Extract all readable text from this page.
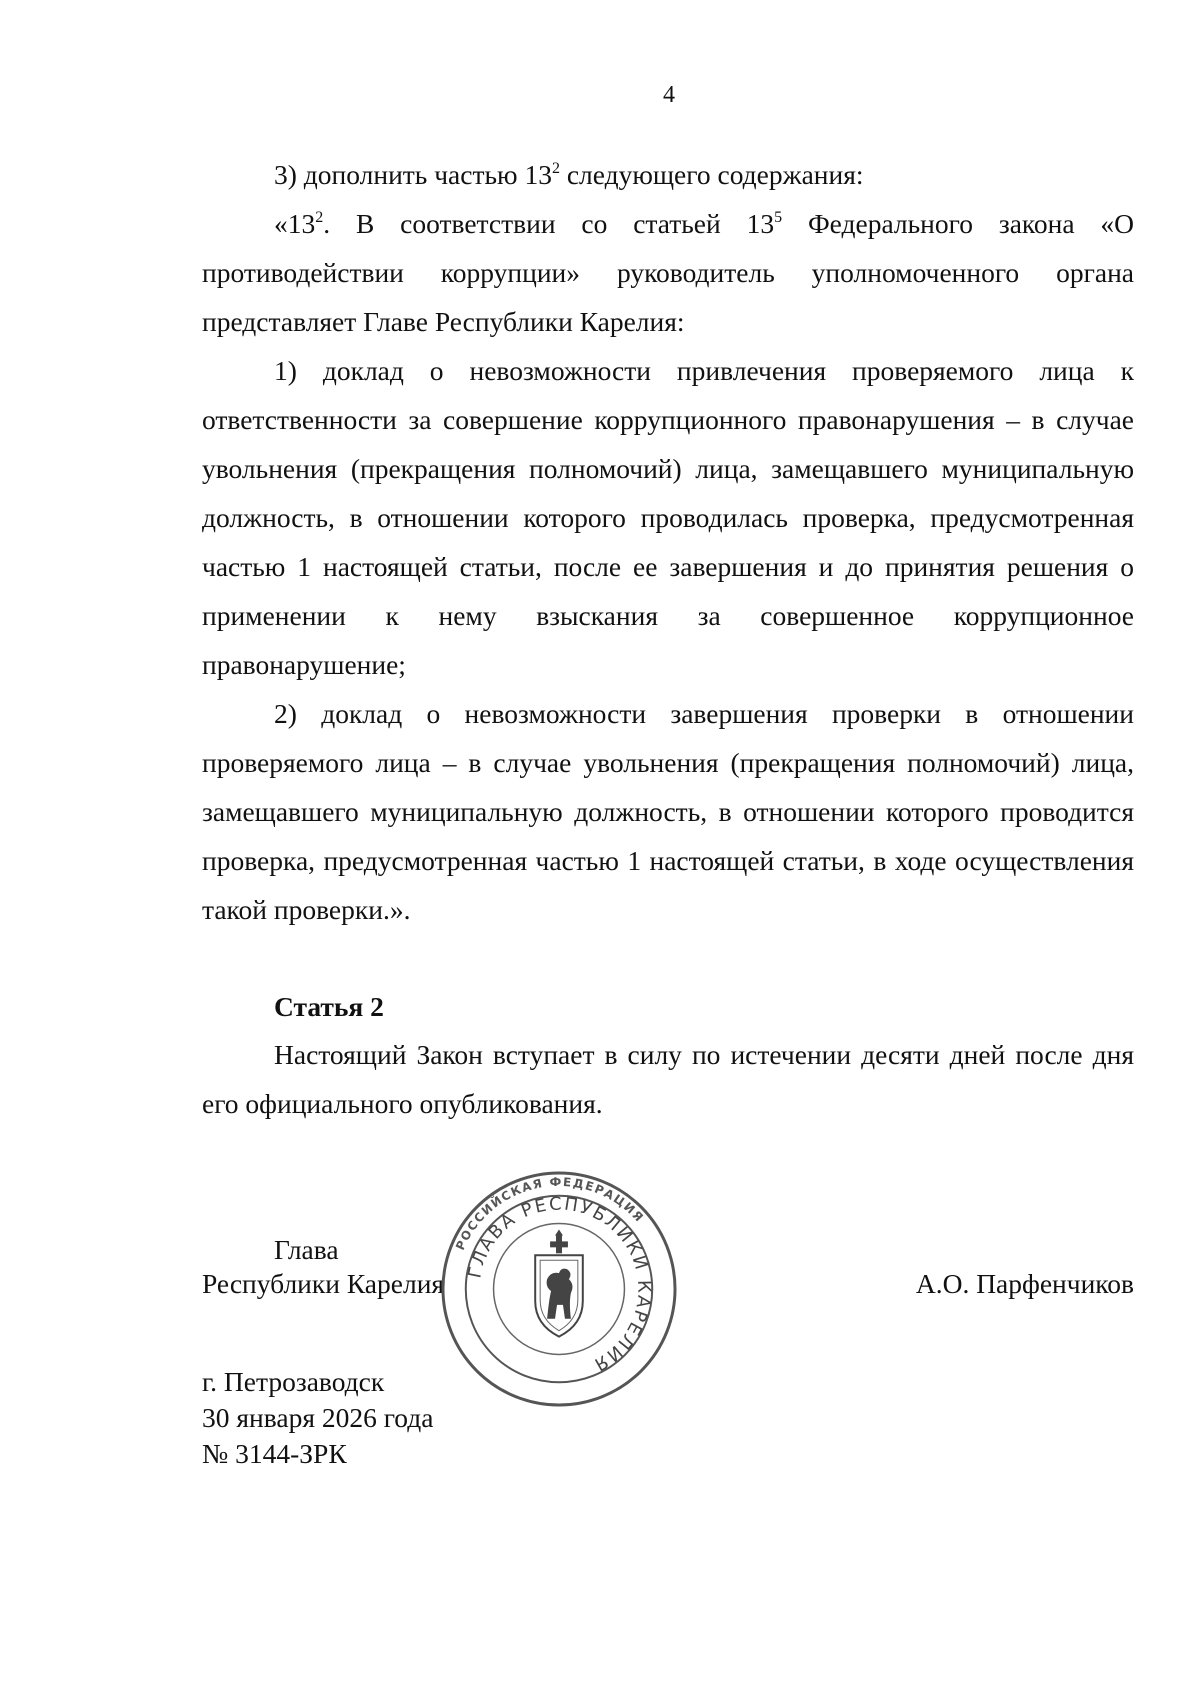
4

3) дополнить частью $13^2$ следующего содержания:

«$13^2$. В соответствии со статьей $13^5$ Федерального закона «О противодействии коррупции» руководитель уполномоченного органа представляет Главе Республики Карелия:

1) доклад о невозможности привлечения проверяемого лица к ответственности за совершение коррупционного правонарушения – в случае увольнения (прекращения полномочий) лица, замещавшего муниципальную должность, в отношении которого проводилась проверка, предусмотренная частью 1 настоящей статьи, после ее завершения и до принятия решения о применении к нему взыскания за совершенное коррупционное правонарушение;

2) доклад о невозможности завершения проверки в отношении проверяемого лица – в случае увольнения (прекращения полномочий) лица, замещавшего муниципальную должность, в отношении которого проводится проверка, предусмотренная частью 1 настоящей статьи, в ходе осуществления такой проверки.».

Статья 2

Настоящий Закон вступает в силу по истечении десяти дней после дня его официального опубликования.

Глава
Республики Карелия	А.О. Парфенчиков
г. Петрозаводск
30 января 2026 года
№ 3144-ЗРК
РОССИЙСКАЯ ФЕДЕРАЦИЯ
ГЛАВА РЕСПУБЛИКИ КАРЕЛИЯ
